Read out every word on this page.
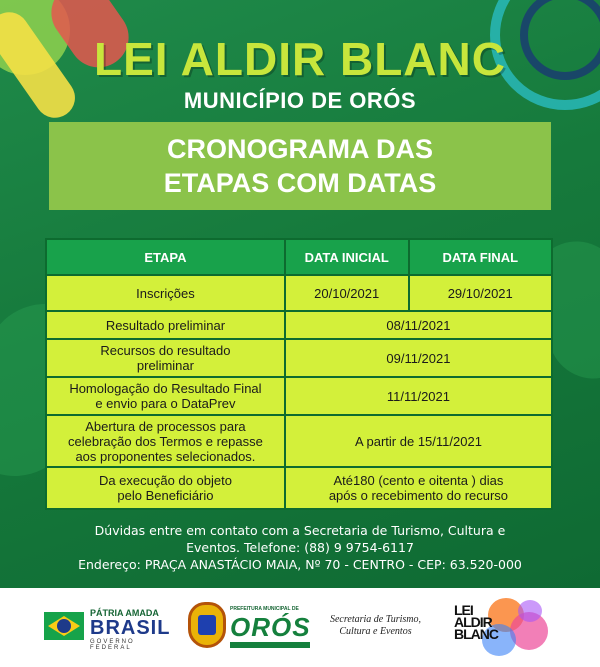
LEI ALDIR BLANC
MUNICÍPIO DE ORÓS
CRONOGRAMA DAS
ETAPAS COM DATAS
ETAPA	DATA INICIAL	DATA FINAL
Inscrições	20/10/2021	29/10/2021
Resultado preliminar	08/11/2021	

Recursos do resultado
preliminar	09/11/2021	

Homologação do Resultado Final
e envio para o DataPrev	11/11/2021	

Abertura de processos para
celebração dos Termos e repasse
aos proponentes selecionados.	A partir de 15/11/2021	

Da execução do objeto
pelo Beneficiário	Até180 (cento e oitenta ) dias
após o recebimento do recurso	
Dúvidas entre em contato com a Secretaria de Turismo, Cultura e
Eventos. Telefone: (88) 9 9754-6117
Endereço: PRAÇA ANASTÁCIO MAIA, Nº 70 - CENTRO - CEP: 63.520-000
PÁTRIA AMADA
BRASIL
GOVERNO FEDERAL
PREFEITURA MUNICIPAL DE
ORÓS	Secretaria de Turismo,
Cultura e Eventos
LEI
ALDIR
BLANC
